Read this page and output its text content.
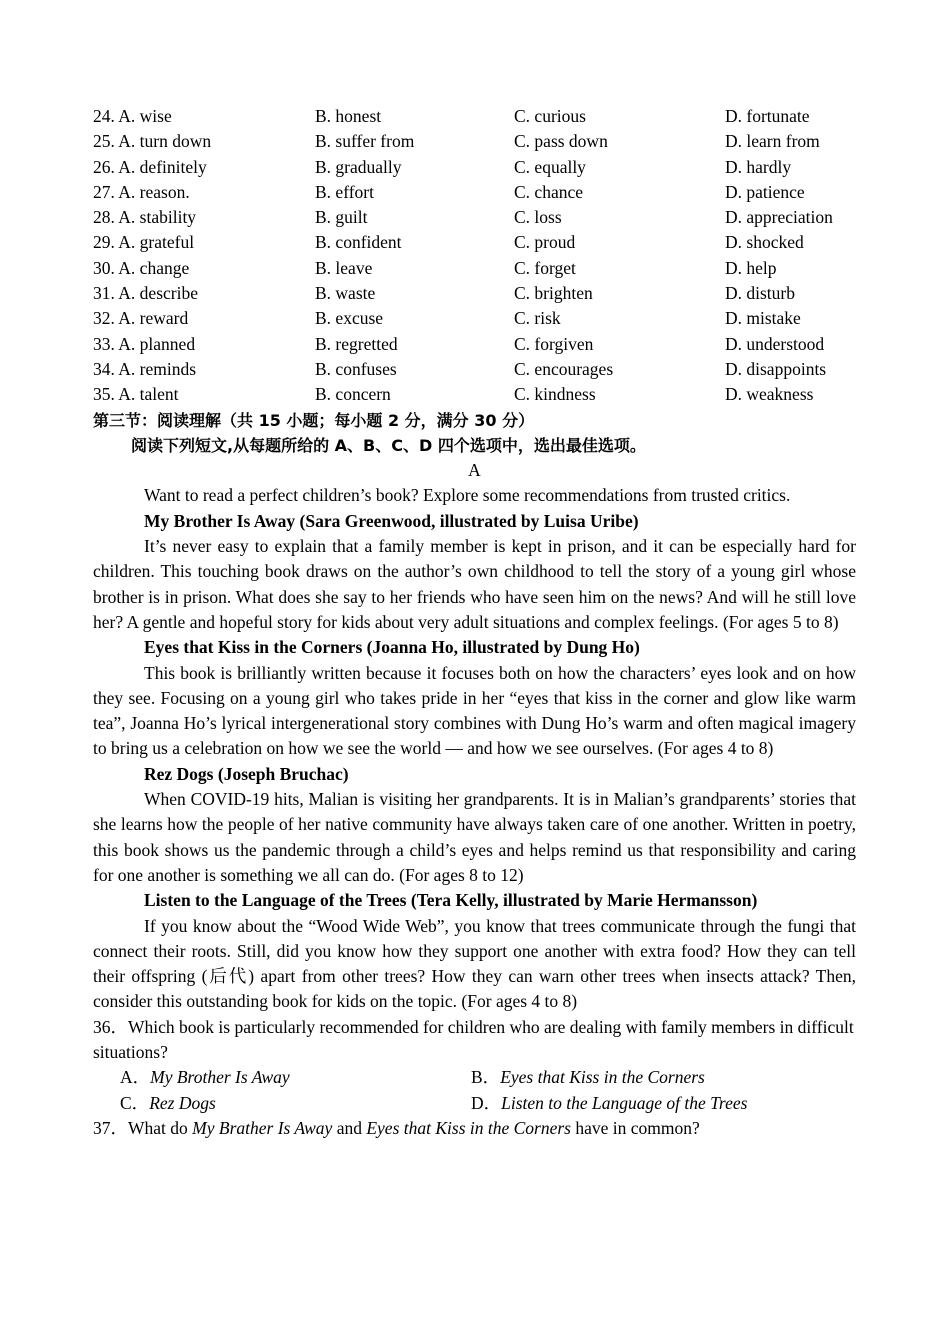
24. A. wise	B. honest	C. curious	D. fortunate
25. A. turn down	B. suffer from	C. pass down	D. learn from
26. A. definitely	B. gradually	C. equally	D. hardly
27. A. reason.	B. effort	C. chance	D. patience
28. A. stability	B. guilt	C. loss	D. appreciation
29. A. grateful	B. confident	C. proud	D. shocked
30. A. change	B. leave	C. forget	D. help
31. A. describe	B. waste	C. brighten	D. disturb
32. A. reward	B. excuse	C. risk	D. mistake
33. A. planned	B. regretted	C. forgiven	D. understood
34. A. reminds	B. confuses	C. encourages	D. disappoints
35. A. talent	B. concern	C. kindness	D. weakness
第三节：阅读理解（共 15 小题；每小题 2 分，满分 30 分）
阅读下列短文,从每题所给的 A、B、C、D 四个选项中，选出最佳选项。
A

Want to read a perfect children’s book? Explore some recommendations from trusted critics.

My Brother Is Away (Sara Greenwood, illustrated by Luisa Uribe)

It’s never easy to explain that a family member is kept in prison, and it can be especially hard for children. This touching book draws on the author’s own childhood to tell the story of a young girl whose brother is in prison. What does she say to her friends who have seen him on the news? And will he still love her? A gentle and hopeful story for kids about very adult situations and complex feelings. (For ages 5 to 8)

Eyes that Kiss in the Corners (Joanna Ho, illustrated by Dung Ho)

This book is brilliantly written because it focuses both on how the characters’ eyes look and on how they see. Focusing on a young girl who takes pride in her “eyes that kiss in the corner and glow like warm tea”, Joanna Ho’s lyrical intergenerational story combines with Dung Ho’s warm and often magical imagery to bring us a celebration on how we see the world — and how we see ourselves. (For ages 4 to 8)

Rez Dogs (Joseph Bruchac)

When COVID-19 hits, Malian is visiting her grandparents. It is in Malian’s grandparents’ stories that she learns how the people of her native community have always taken care of one another. Written in poetry, this book shows us the pandemic through a child’s eyes and helps remind us that responsibility and caring for one another is something we all can do. (For ages 8 to 12)

Listen to the Language of the Trees (Tera Kelly, illustrated by Marie Hermansson)

If you know about the “Wood Wide Web”, you know that trees communicate through the fungi that connect their roots. Still, did you know how they support one another with extra food? How they can tell their offspring (后代) apart from other trees? How they can warn other trees when insects attack? Then, consider this outstanding book for kids on the topic. (For ages 4 to 8)

36．Which book is particularly recommended for children who are dealing with family members in difficult situations?

A．My Brother Is Away	B．Eyes that Kiss in the Corners
C．Rez Dogs	D．Listen to the Language of the Trees

37．What do My Brather Is Away and Eyes that Kiss in the Corners have in common?
